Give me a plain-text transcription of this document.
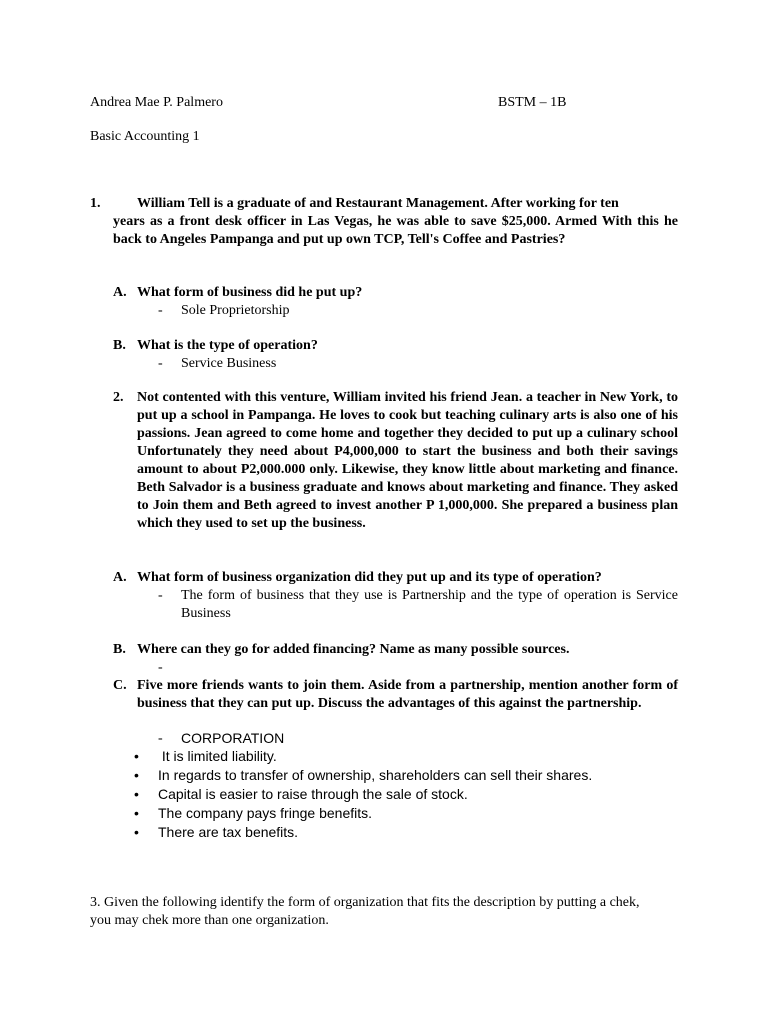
Andrea Mae P. Palmero	BSTM – 1B
Basic Accounting 1
1.	William Tell is a graduate of and Restaurant Management. After working for ten
years as a front desk officer in Las Vegas, he was able to save $25,000. Armed With this he back to Angeles Pampanga and put up own TCP, Tell's Coffee and Pastries?
A. What form of business did he put up?
- Sole Proprietorship
B. What is the type of operation?
- Service Business
2. Not contented with this venture, William invited his friend Jean. a teacher in New York, to put up a school in Pampanga. He loves to cook but teaching culinary arts is also one of his passions. Jean agreed to come home and together they decided to put up a culinary school Unfortunately they need about P4,000,000 to start the business and both their savings amount to about P2,000.000 only. Likewise, they know little about marketing and finance. Beth Salvador is a business graduate and knows about marketing and finance. They asked to Join them and Beth agreed to invest another P 1,000,000. She prepared a business plan which they used to set up the business.
A. What form of business organization did they put up and its type of operation?
- The form of business that they use is Partnership and the type of operation is Service Business
B. Where can they go for added financing? Name as many possible sources.
-
C. Five more friends wants to join them. Aside from a partnership, mention another form of business that they can put up. Discuss the advantages of this against the partnership.
- CORPORATION
• It is limited liability.
• In regards to transfer of ownership, shareholders can sell their shares.
• Capital is easier to raise through the sale of stock.
• The company pays fringe benefits.
• There are tax benefits.
3. Given the following identify the form of organization that fits the description by putting a chek, you may chek more than one organization.
